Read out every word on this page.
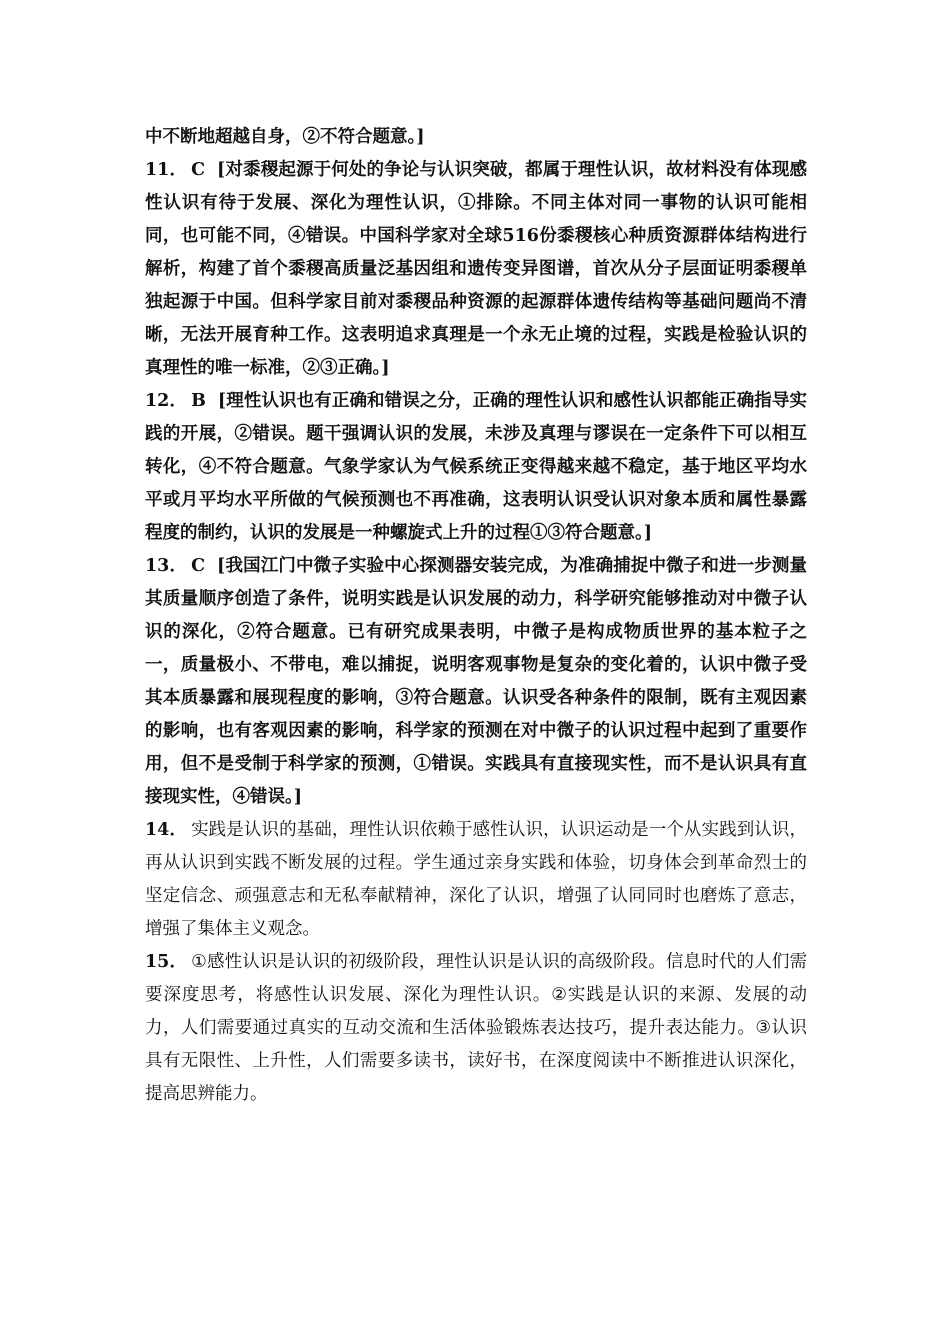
中不断地超越自身，②不符合题意。]

11． C [对黍稷起源于何处的争论与认识突破，都属于理性认识，故材料没有体现感性认识有待于发展、深化为理性认识，①排除。不同主体对同一事物的认识可能相同，也可能不同，④错误。中国科学家对全球516份黍稷核心种质资源群体结构进行解析，构建了首个黍稷高质量泛基因组和遗传变异图谱，首次从分子层面证明黍稷单独起源于中国。但科学家目前对黍稷品种资源的起源群体遗传结构等基础问题尚不清晰，无法开展育种工作。这表明追求真理是一个永无止境的过程，实践是检验认识的真理性的唯一标准，②③正确。]

12． B [理性认识也有正确和错误之分，正确的理性认识和感性认识都能正确指导实践的开展，②错误。题干强调认识的发展，未涉及真理与谬误在一定条件下可以相互转化，④不符合题意。气象学家认为气候系统正变得越来越不稳定，基于地区平均水平或月平均水平所做的气候预测也不再准确，这表明认识受认识对象本质和属性暴露程度的制约，认识的发展是一种螺旋式上升的过程①③符合题意。]

13． C [我国江门中微子实验中心探测器安装完成，为准确捕捉中微子和进一步测量其质量顺序创造了条件，说明实践是认识发展的动力，科学研究能够推动对中微子认识的深化，②符合题意。已有研究成果表明，中微子是构成物质世界的基本粒子之一，质量极小、不带电，难以捕捉，说明客观事物是复杂的变化着的，认识中微子受其本质暴露和展现程度的影响，③符合题意。认识受各种条件的限制，既有主观因素的影响，也有客观因素的影响，科学家的预测在对中微子的认识过程中起到了重要作用，但不是受制于科学家的预测，①错误。实践具有直接现实性，而不是认识具有直接现实性，④错误。]

14． 实践是认识的基础，理性认识依赖于感性认识，认识运动是一个从实践到认识，再从认识到实践不断发展的过程。学生通过亲身实践和体验，切身体会到革命烈士的坚定信念、顽强意志和无私奉献精神，深化了认识，增强了认同同时也磨炼了意志，增强了集体主义观念。

15． ①感性认识是认识的初级阶段，理性认识是认识的高级阶段。信息时代的人们需要深度思考，将感性认识发展、深化为理性认识。②实践是认识的来源、发展的动力，人们需要通过真实的互动交流和生活体验锻炼表达技巧，提升表达能力。③认识具有无限性、上升性，人们需要多读书，读好书，在深度阅读中不断推进认识深化，提高思辨能力。
